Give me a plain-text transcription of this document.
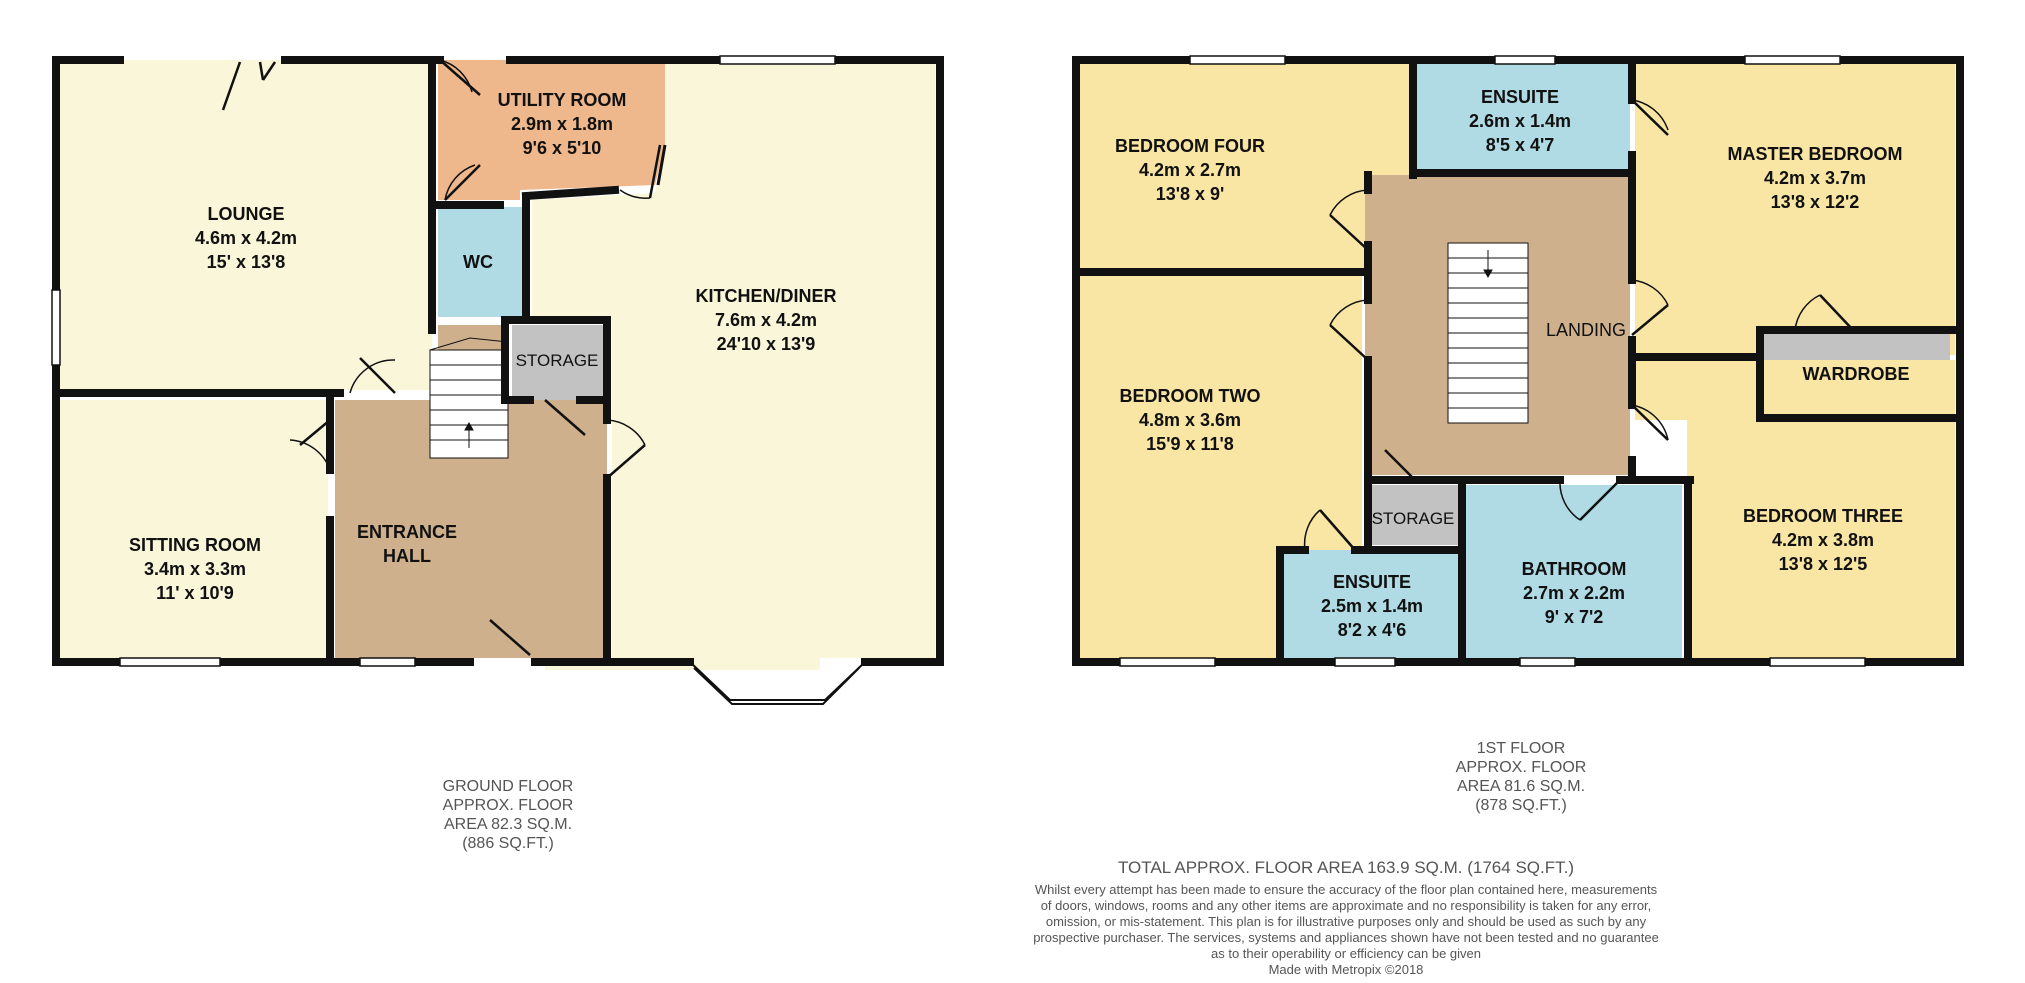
LOUNGE
4.6m x 4.2m
15' x 13'8
UTILITY ROOM
2.9m x 1.8m
9'6 x 5'10
WC
KITCHEN/DINER
7.6m x 4.2m
24'10 x 13'9
STORAGE
SITTING ROOM
3.4m x 3.3m
11' x 10'9
ENTRANCE
HALL
BEDROOM FOUR
4.2m x 2.7m
13'8 x 9'
ENSUITE
2.6m x 1.4m
8'5 x 4'7	MASTER BEDROOM
4.2m x 3.7m
13'8 x 12'2
LANDING
WARDROBE
BEDROOM TWO
4.8m x 3.6m
15'9 x 11'8
STORAGE
ENSUITE
2.5m x 1.4m
8'2 x 4'6
BATHROOM
2.7m x 2.2m
9' x 7'2
BEDROOM THREE
4.2m x 3.8m
13'8 x 12'5
GROUND FLOOR
APPROX. FLOOR
AREA 82.3 SQ.M.
(886 SQ.FT.)
1ST FLOOR
APPROX. FLOOR
AREA 81.6 SQ.M.
(878 SQ.FT.)
TOTAL APPROX. FLOOR AREA 163.9 SQ.M. (1764 SQ.FT.)
Whilst every attempt has been made to ensure the accuracy of the floor plan contained here, measurements
of doors, windows, rooms and any other items are approximate and no responsibility is taken for any error,
omission, or mis-statement. This plan is for illustrative purposes only and should be used as such by any
prospective purchaser. The services, systems and appliances shown have not been tested and no guarantee
as to their operability or efficiency can be given
Made with Metropix ©2018
